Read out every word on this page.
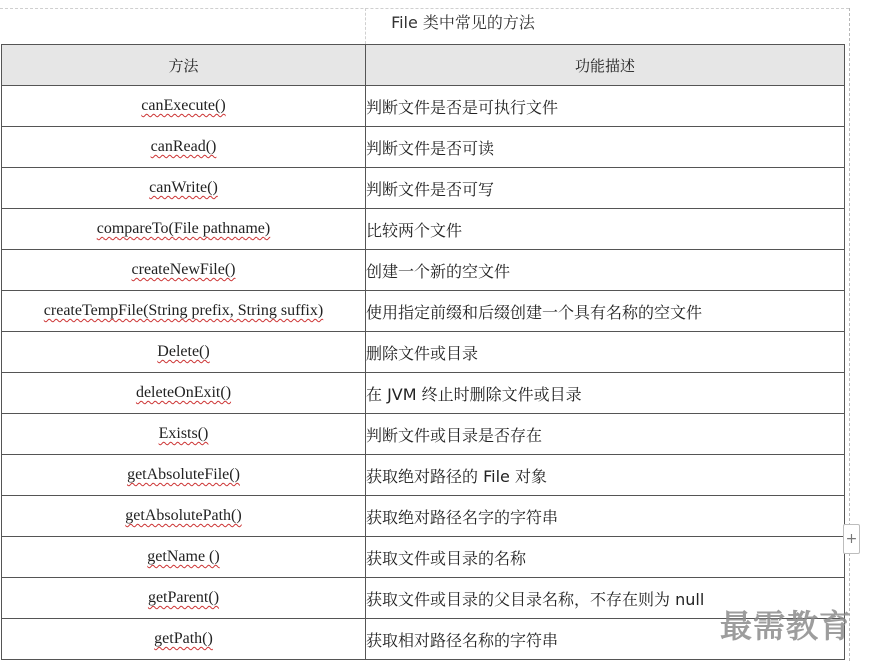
File 类中常见的方法
方法	功能描述
canExecute()	判断文件是否是可执行文件
canRead()	判断文件是否可读
canWrite()	判断文件是否可写
compareTo(File pathname)	比较两个文件
createNewFile()	创建一个新的空文件
createTempFile(String prefix, String suffix)	使用指定前缀和后缀创建一个具有名称的空文件
Delete()	删除文件或目录
deleteOnExit()	在 JVM 终止时删除文件或目录
Exists()	判断文件或目录是否存在
getAbsoluteFile()	获取绝对路径的 File 对象
getAbsolutePath()	获取绝对路径名字的字符串
getName ()	获取文件或目录的名称
getParent()	获取文件或目录的父目录名称，不存在则为 null
getPath()	获取相对路径名称的字符串
+
最需教育
